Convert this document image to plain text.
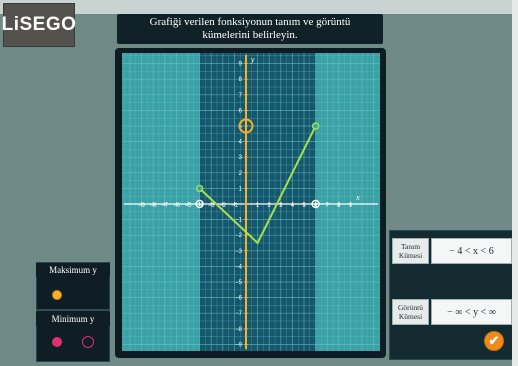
LiSEGO	Grafiği verilen fonksiyonun tanım ve görüntü
kümelerini belirleyin.
−9 −8 −7 −6 −5 −4 −3 −2 −1	1 2 3 4 5 6 7 8 9
9
8
7
6
5
4
3
2
1
−1
−2
−3
−4
−5
−6
−7
−8
−9
x
y
Maksimum y
Minimum y
Tanım
Kümesi	− 4 < x < 6
Görüntü
Kümesi	− ∞ < y < ∞
✔
